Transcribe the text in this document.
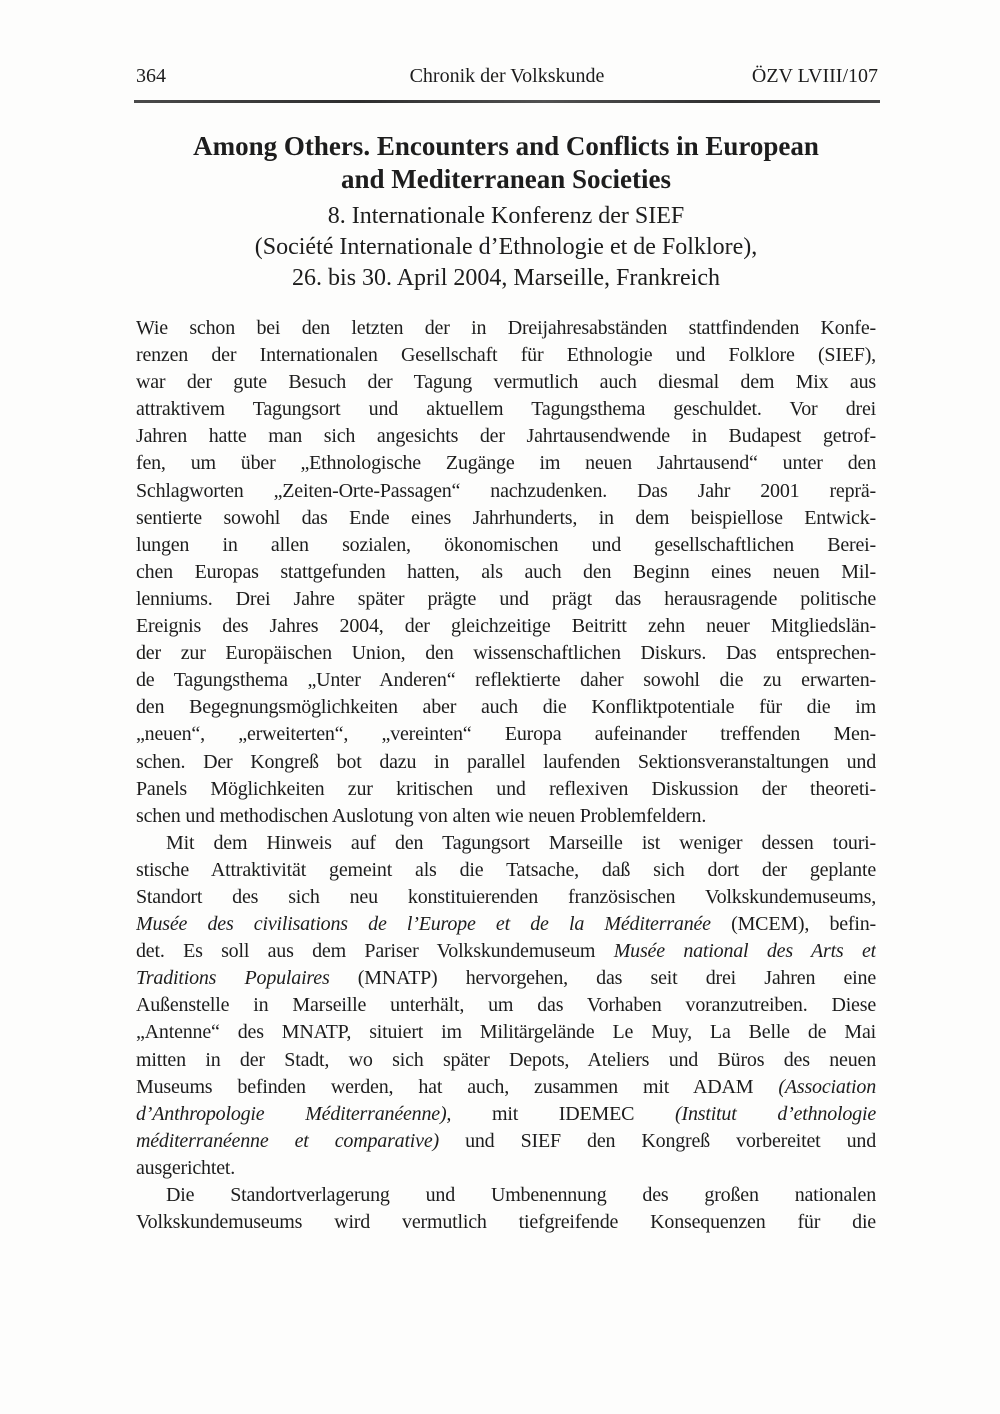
364	Chronik der Volkskunde	ÖZV LVIII/107
Among Others. Encounters and Conflicts in European
and Mediterranean Societies
8. Internationale Konferenz der SIEF
(Société Internationale d’Ethnologie et de Folklore),
26. bis 30. April 2004, Marseille, Frankreich
Wie schon bei den letzten der in Dreijahresabständen stattfindenden Konfe-
renzen der Internationalen Gesellschaft für Ethnologie und Folklore (SIEF),
war der gute Besuch der Tagung vermutlich auch diesmal dem Mix aus
attraktivem Tagungsort und aktuellem Tagungsthema geschuldet. Vor drei
Jahren hatte man sich angesichts der Jahrtausendwende in Budapest getrof-
fen, um über „Ethnologische Zugänge im neuen Jahrtausend“ unter den
Schlagworten „Zeiten-Orte-Passagen“ nachzudenken. Das Jahr 2001 reprä-
sentierte sowohl das Ende eines Jahrhunderts, in dem beispiellose Entwick-
lungen in allen sozialen, ökonomischen und gesellschaftlichen Berei-
chen Europas stattgefunden hatten, als auch den Beginn eines neuen Mil-
lenniums. Drei Jahre später prägte und prägt das herausragende politische
Ereignis des Jahres 2004, der gleichzeitige Beitritt zehn neuer Mitgliedslän-
der zur Europäischen Union, den wissenschaftlichen Diskurs. Das entsprechen-
de Tagungsthema „Unter Anderen“ reflektierte daher sowohl die zu erwarten-
den Begegnungsmöglichkeiten aber auch die Konfliktpotentiale für die im
„neuen“, „erweiterten“, „vereinten“ Europa aufeinander treffenden Men-
schen. Der Kongreß bot dazu in parallel laufenden Sektionsveranstaltungen und
Panels Möglichkeiten zur kritischen und reflexiven Diskussion der theoreti-
schen und methodischen Auslotung von alten wie neuen Problemfeldern.
Mit dem Hinweis auf den Tagungsort Marseille ist weniger dessen touri-
stische Attraktivität gemeint als die Tatsache, daß sich dort der geplante
Standort des sich neu konstituierenden französischen Volkskundemuseums,
Musée des civilisations de l’Europe et de la Méditerranée (MCEM), befin-
det. Es soll aus dem Pariser Volkskundemuseum Musée national des Arts et
Traditions Populaires (MNATP) hervorgehen, das seit drei Jahren eine
Außenstelle in Marseille unterhält, um das Vorhaben voranzutreiben. Diese
„Antenne“ des MNATP, situiert im Militärgelände Le Muy, La Belle de Mai
mitten in der Stadt, wo sich später Depots, Ateliers und Büros des neuen
Museums befinden werden, hat auch, zusammen mit ADAM (Association
d’Anthropologie Méditerranéenne), mit IDEMEC (Institut d’ethnologie
méditerranéenne et comparative) und SIEF den Kongreß vorbereitet und
ausgerichtet.
Die Standortverlagerung und Umbenennung des großen nationalen
Volkskundemuseums wird vermutlich tiefgreifende Konsequenzen für die
